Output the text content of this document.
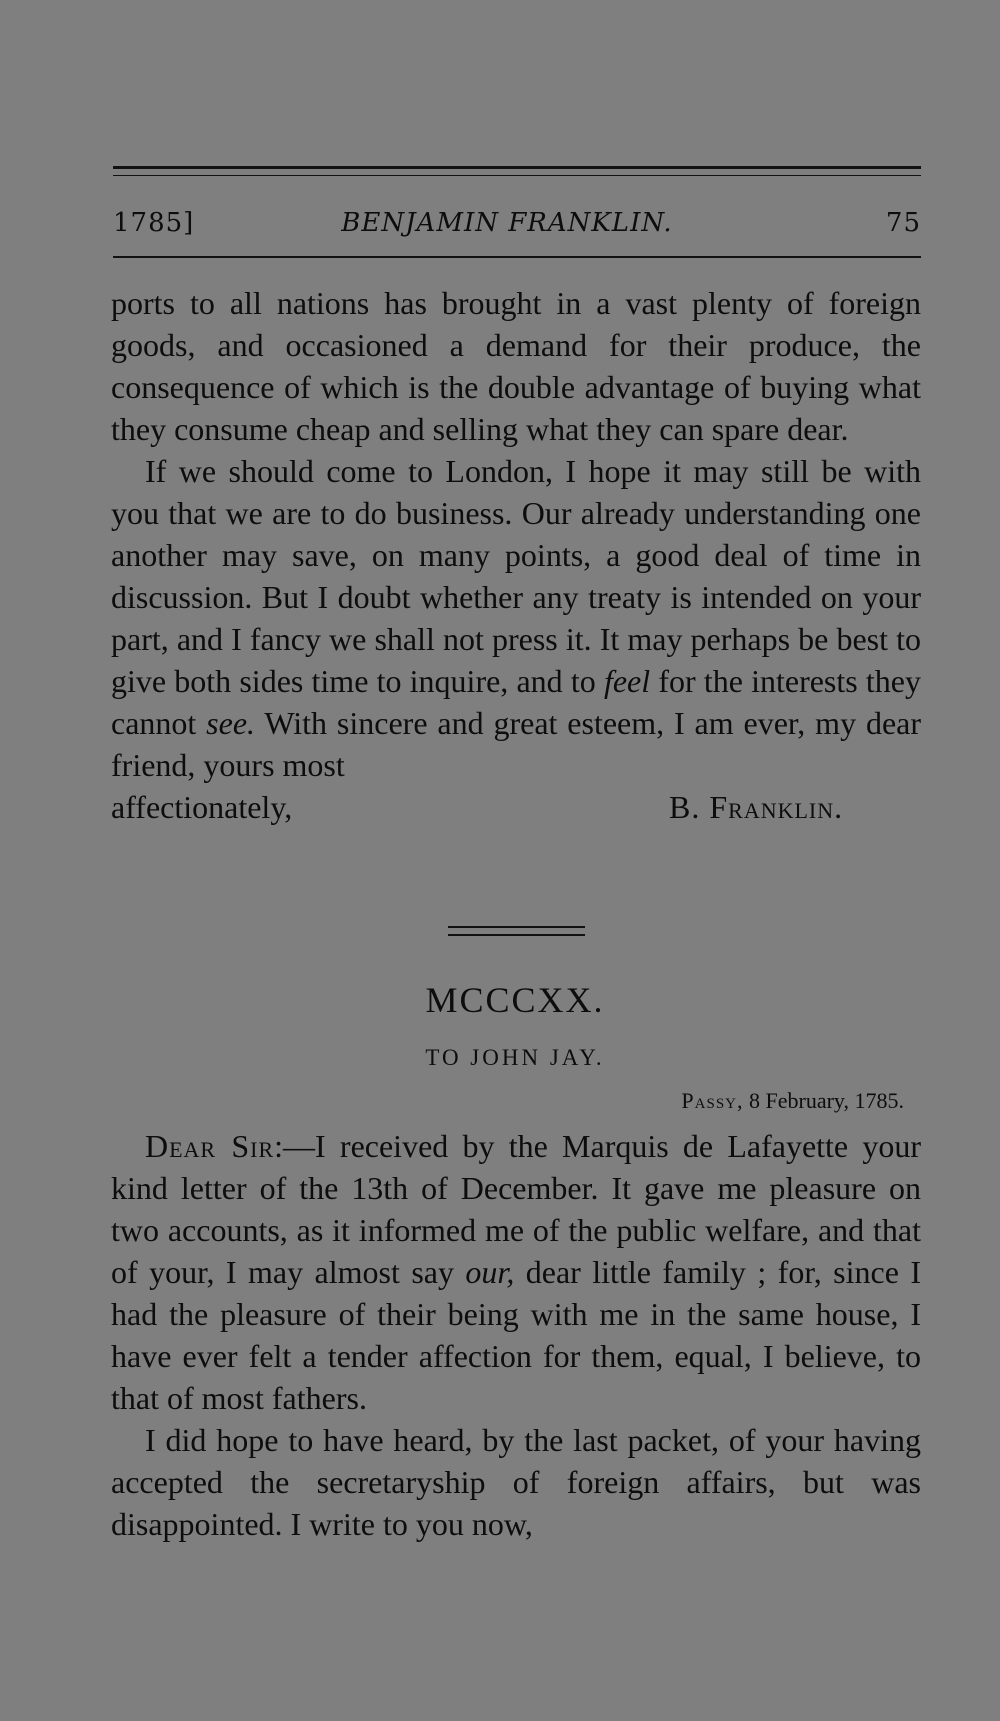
1785]	BENJAMIN FRANKLIN.	75

ports to all nations has brought in a vast plenty of foreign goods, and occasioned a demand for their produce, the consequence of which is the double advantage of buying what they consume cheap and selling what they can spare dear.

If we should come to London, I hope it may still be with you that we are to do business. Our already understanding one another may save, on many points, a good deal of time in discussion. But I doubt whether any treaty is intended on your part, and I fancy we shall not press it. It may perhaps be best to give both sides time to inquire, and to feel for the interests they cannot see. With sincere and great esteem, I am ever, my dear friend, yours most

affectionately,	B. Franklin.

MCCCXX.
TO JOHN JAY.
Passy, 8 February, 1785.

Dear Sir:—I received by the Marquis de Lafayette your kind letter of the 13th of December. It gave me pleasure on two accounts, as it informed me of the public welfare, and that of your, I may almost say our, dear little family ; for, since I had the pleasure of their being with me in the same house, I have ever felt a tender affection for them, equal, I believe, to that of most fathers.

I did hope to have heard, by the last packet, of your having accepted the secretaryship of foreign affairs, but was disappointed. I write to you now,
